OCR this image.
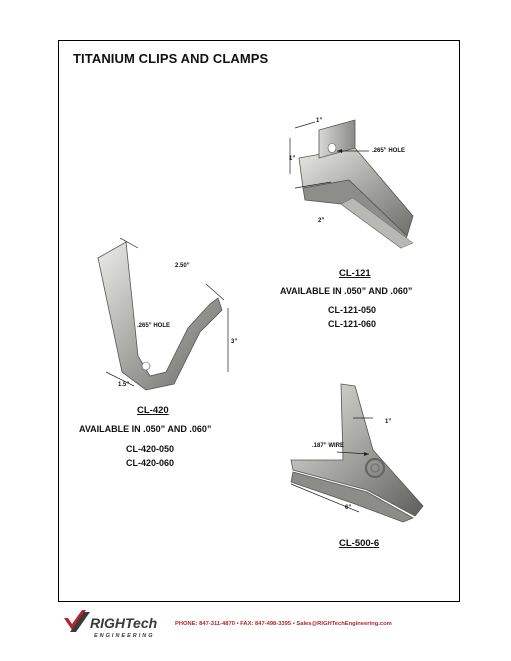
TITANIUM CLIPS AND CLAMPS
1”
1”
.265” HOLE
2”
CL-121
AVAILABLE IN .050” AND .060”
CL-121-050
CL-121-060
2.50”
.265” HOLE
3”
1.5”
CL-420
AVAILABLE IN .050” AND .060”
CL-420-050
CL-420-060
1”
.187” WIRE
6”
CL-500-6
RIGHTech
ENGINEERING
PHONE: 847-311-4870 • FAX: 847-498-3395 • Sales@RIGHTechEngineering.com
